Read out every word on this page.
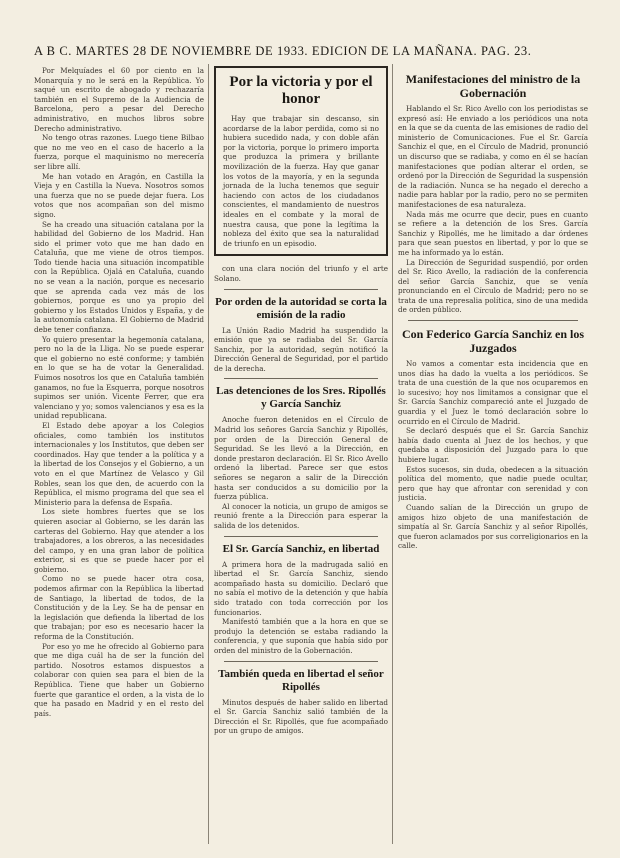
A B C. MARTES 28 DE NOVIEMBRE DE 1933. EDICION DE LA MAÑANA. PAG. 23.

Por Melquíades el 60 por ciento en la Monarquía y no le será en la República. Yo saqué un escrito de abogado y rechazaría también en el Supremo de la Audiencia de Barcelona, pero a pesar del Derecho administrativo, en muchos libros sobre Derecho administrativo.

No tengo otras razones. Luego tiene Bilbao que no me veo en el caso de hacerlo a la fuerza, porque el maquinismo no merecería ser libre allí.

Me han votado en Aragón, en Castilla la Vieja y en Castilla la Nueva. Nosotros somos una fuerza que no se puede dejar fuera. Los votos que nos acompañan son del mismo signo.

Se ha creado una situación catalana por la habilidad del Gobierno de los Madrid. Han sido el primer voto que me han dado en Cataluña, que me viene de otros tiempos. Todo tiende hacia una situación incompatible con la República. Ojalá en Cataluña, cuando no se vean a la nación, porque es necesario que se aprenda cada vez más de los gobiernos, porque es uno ya propio del gobierno y los Estados Unidos y España, y de la autonomía catalana. El Gobierno de Madrid debe tener confianza.

Yo quiero presentar la hegemonía catalana, pero no la de la Lliga. No se puede esperar que el gobierno no esté conforme; y también en lo que se ha de votar la Generalidad. Fuimos nosotros los que en Cataluña también ganamos, no fue la Esquerra, porque nosotros supimos ser unión. Vicente Ferrer, que era valenciano y yo; somos valencianos y esa es la unidad republicana.

El Estado debe apoyar a los Colegios oficiales, como también los institutos internacionales y los Institutos, que deben ser coordinados. Hay que tender a la política y a la libertad de los Consejos y el Gobierno, a un voto en el que Martínez de Velasco y Gil Robles, sean los que den, de acuerdo con la República, el mismo programa del que sea el Ministerio para la defensa de España.

Los siete hombres fuertes que se los quieren asociar al Gobierno, se les darán las carteras del Gobierno. Hay que atender a los trabajadores, a los obreros, a las necesidades del campo, y en una gran labor de política exterior, si es que se puede hacer por el gobierno.

Como no se puede hacer otra cosa, podemos afirmar con la República la libertad de Santiago, la libertad de todos, de la Constitución y de la Ley. Se ha de pensar en la legislación que defienda la libertad de los que trabajan; por eso es necesario hacer la reforma de la Constitución.

Por eso yo me he ofrecido al Gobierno para que me diga cuál ha de ser la función del partido. Nosotros estamos dispuestos a colaborar con quien sea para el bien de la República. Tiene que haber un Gobierno fuerte que garantice el orden, a la vista de lo que ha pasado en Madrid y en el resto del país.

Por la victoria y por el honor

Hay que trabajar sin descanso, sin acordarse de la labor perdida, como si no hubiera sucedido nada, y con doble afán por la victoria, porque lo primero importa que produzca la primera y brillante movilización de la fuerza. Hay que ganar los votos de la mayoría, y en la segunda jornada de la lucha tenemos que seguir haciendo con actos de los ciudadanos conscientes, el mandamiento de nuestros ideales en el combate y la moral de nuestra causa, que pone la legítima la nobleza del éxito que sea la naturalidad de triunfo en un episodio.

con una clara noción del triunfo y el arte Solano.

Por orden de la autoridad se corta la emisión de la radio

La Unión Radio Madrid ha suspendido la emisión que ya se radiaba del Sr. García Sanchiz, por la autoridad, según notificó la Dirección General de Seguridad, por el partido de la derecha.

Las detenciones de los Sres. Ripollés y García Sanchiz

Anoche fueron detenidos en el Círculo de Madrid los señores García Sanchiz y Ripollés, por orden de la Dirección General de Seguridad. Se les llevó a la Dirección, en donde prestaron declaración. El Sr. Rico Avello ordenó la libertad. Parece ser que estos señores se negaron a salir de la Dirección hasta ser conducidos a su domicilio por la fuerza pública.

Al conocer la noticia, un grupo de amigos se reunió frente a la Dirección para esperar la salida de los detenidos.

El Sr. García Sanchiz, en libertad

A primera hora de la madrugada salió en libertad el Sr. García Sanchiz, siendo acompañado hasta su domicilio. Declaró que no sabía el motivo de la detención y que había sido tratado con toda corrección por los funcionarios.

Manifestó también que a la hora en que se produjo la detención se estaba radiando la conferencia, y que suponía que había sido por orden del ministro de la Gobernación.

También queda en libertad el señor Ripollés

Minutos después de haber salido en libertad el Sr. García Sanchiz salió también de la Dirección el Sr. Ripollés, que fue acompañado por un grupo de amigos.

Manifestaciones del ministro de la Gobernación

Hablando el Sr. Rico Avello con los periodistas se expresó así: He enviado a los periódicos una nota en la que se da cuenta de las emisiones de radio del ministerio de Comunicaciones. Fue el Sr. García Sanchiz el que, en el Círculo de Madrid, pronunció un discurso que se radiaba, y como en él se hacían manifestaciones que podían alterar el orden, se ordenó por la Dirección de Seguridad la suspensión de la radiación. Nunca se ha negado el derecho a nadie para hablar por la radio, pero no se permiten manifestaciones de esa naturaleza.

Nada más me ocurre que decir, pues en cuanto se refiere a la detención de los Sres. García Sanchiz y Ripollés, me he limitado a dar órdenes para que sean puestos en libertad, y por lo que se me ha informado ya lo están.

La Dirección de Seguridad suspendió, por orden del Sr. Rico Avello, la radiación de la conferencia del señor García Sanchiz, que se venía pronunciando en el Círculo de Madrid; pero no se trata de una represalia política, sino de una medida de orden público.

Con Federico García Sanchiz en los Juzgados

No vamos a comentar esta incidencia que en unos días ha dado la vuelta a los periódicos. Se trata de una cuestión de la que nos ocuparemos en lo sucesivo; hoy nos limitamos a consignar que el Sr. García Sanchiz compareció ante el Juzgado de guardia y el Juez le tomó declaración sobre lo ocurrido en el Círculo de Madrid.

Se declaró después que el Sr. García Sanchiz había dado cuenta al Juez de los hechos, y que quedaba a disposición del Juzgado para lo que hubiere lugar.

Estos sucesos, sin duda, obedecen a la situación política del momento, que nadie puede ocultar, pero que hay que afrontar con serenidad y con justicia.

Cuando salían de la Dirección un grupo de amigos hizo objeto de una manifestación de simpatía al Sr. García Sanchiz y al señor Ripollés, que fueron aclamados por sus correligionarios en la calle.
